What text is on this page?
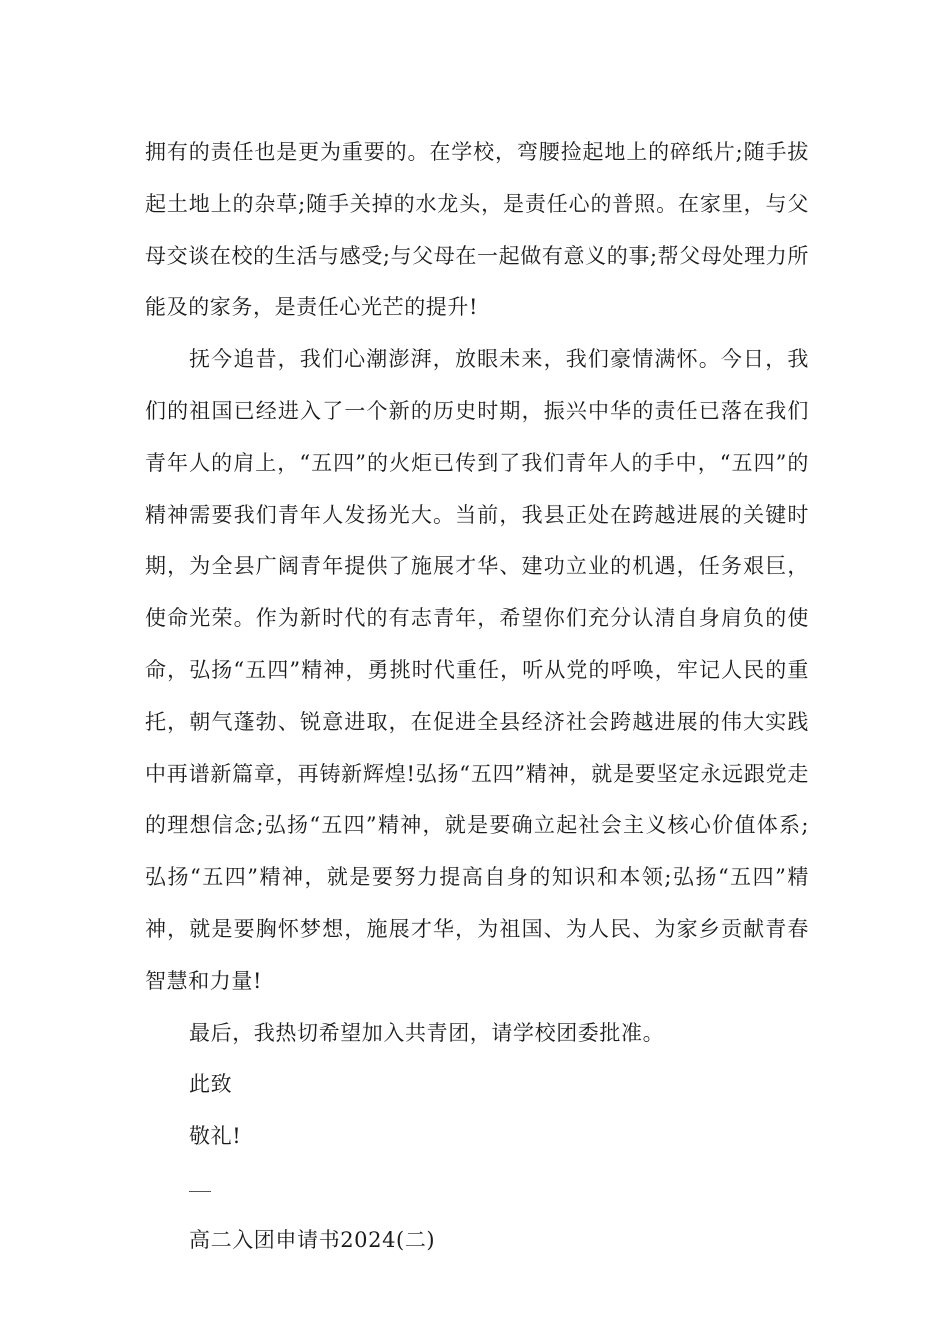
拥有的责任也是更为重要的。在学校，弯腰捡起地上的碎纸片;随手拔起土地上的杂草;随手关掉的水龙头，是责任心的普照。在家里，与父母交谈在校的生活与感受;与父母在一起做有意义的事;帮父母处理力所能及的家务，是责任心光芒的提升!

抚今追昔，我们心潮澎湃，放眼未来，我们豪情满怀。今日，我们的祖国已经进入了一个新的历史时期，振兴中华的责任已落在我们青年人的肩上，“五四”的火炬已传到了我们青年人的手中，“五四”的精神需要我们青年人发扬光大。当前，我县正处在跨越进展的关键时期，为全县广阔青年提供了施展才华、建功立业的机遇，任务艰巨，使命光荣。作为新时代的有志青年，希望你们充分认清自身肩负的使命，弘扬“五四”精神，勇挑时代重任，听从党的呼唤，牢记人民的重托，朝气蓬勃、锐意进取，在促进全县经济社会跨越进展的伟大实践中再谱新篇章，再铸新辉煌!弘扬“五四”精神，就是要坚定永远跟党走的理想信念;弘扬“五四”精神，就是要确立起社会主义核心价值体系;弘扬“五四”精神，就是要努力提高自身的知识和本领;弘扬“五四”精神，就是要胸怀梦想，施展才华，为祖国、为人民、为家乡贡献青春智慧和力量!

最后，我热切希望加入共青团，请学校团委批准。

此致

敬礼!

高二入团申请书2024(二)
